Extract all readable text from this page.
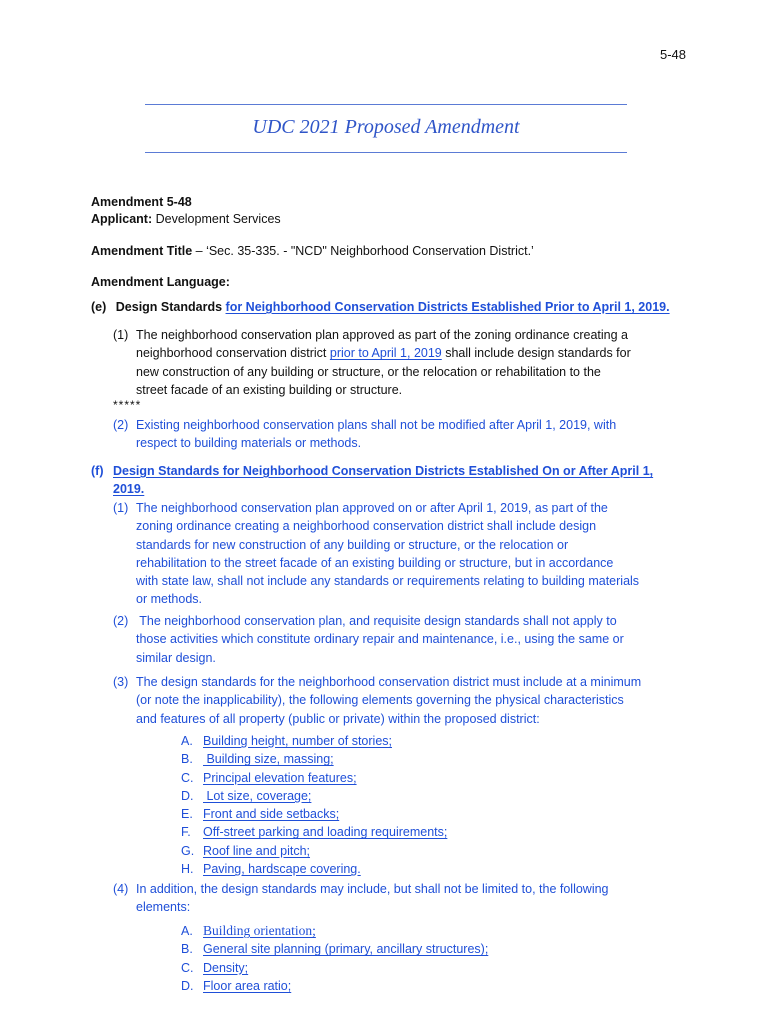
5-48
UDC 2021 Proposed Amendment
Amendment 5-48
Applicant: Development Services
Amendment Title – ‘Sec. 35-335. - "NCD" Neighborhood Conservation District.’
Amendment Language:
(e) Design Standards for Neighborhood Conservation Districts Established Prior to April 1, 2019.
(1) The neighborhood conservation plan approved as part of the zoning ordinance creating a
neighborhood conservation district prior to April 1, 2019 shall include design standards for
new construction of any building or structure, or the relocation or rehabilitation to the
street facade of an existing building or structure.
*****
(2) Existing neighborhood conservation plans shall not be modified after April 1, 2019, with
respect to building materials or methods.
(f) Design Standards for Neighborhood Conservation Districts Established On or After April 1,
2019.
(1) The neighborhood conservation plan approved on or after April 1, 2019, as part of the
zoning ordinance creating a neighborhood conservation district shall include design
standards for new construction of any building or structure, or the relocation or
rehabilitation to the street facade of an existing building or structure, but in accordance
with state law, shall not include any standards or requirements relating to building materials
or methods.
(2) The neighborhood conservation plan, and requisite design standards shall not apply to
those activities which constitute ordinary repair and maintenance, i.e., using the same or
similar design.
(3) The design standards for the neighborhood conservation district must include at a minimum
(or note the inapplicability), the following elements governing the physical characteristics
and features of all property (public or private) within the proposed district:
A. Building height, number of stories;
B. Building size, massing;
C. Principal elevation features;
D. Lot size, coverage;
E. Front and side setbacks;
F. Off-street parking and loading requirements;
G. Roof line and pitch;
H. Paving, hardscape covering.
(4) In addition, the design standards may include, but shall not be limited to, the following
elements:
A. Building orientation;
B. General site planning (primary, ancillary structures);
C. Density;
D. Floor area ratio;
